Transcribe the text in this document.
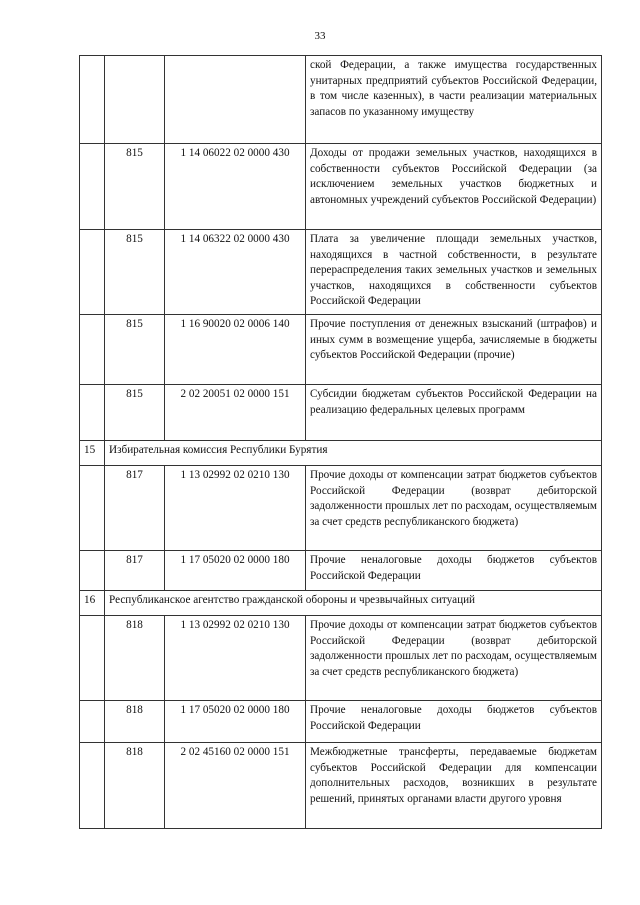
33
			ской Федерации, а также имущества государственных унитарных предприятий субъектов Российской Федерации, в том числе казенных), в части реализации материальных запасов по указанному имуществу
	815	1 14 06022 02 0000 430	Доходы от продажи земельных участков, находящихся в собственности субъектов Российской Федерации (за исключением земельных участков бюджетных и автономных учреждений субъектов Российской Федерации)
	815	1 14 06322 02 0000 430	Плата за увеличение площади земельных участков, находящихся в частной собственности, в результате перераспределения таких земельных участков и земельных участков, находящихся в собственности субъектов Российской Федерации
	815	1 16 90020 02 0006 140	Прочие поступления от денежных взысканий (штрафов) и иных сумм в возмещение ущерба, зачисляемые в бюджеты субъектов Российской Федерации (прочие)
	815	2 02 20051 02 0000 151	Субсидии бюджетам субъектов Российской Федерации на реализацию федеральных целевых программ
15	Избирательная комиссия Республики Бурятия		
	817	1 13 02992 02 0210 130	Прочие доходы от компенсации затрат бюджетов субъектов Российской Федерации (возврат дебиторской задолженности прошлых лет по расходам, осуществляемым за счет средств республиканского бюджета)
	817	1 17 05020 02 0000 180	Прочие неналоговые доходы бюджетов субъектов Российской Федерации
16	Республиканское агентство гражданской обороны и чрезвычайных ситуаций		
	818	1 13 02992 02 0210 130	Прочие доходы от компенсации затрат бюджетов субъектов Российской Федерации (возврат дебиторской задолженности прошлых лет по расходам, осуществляемым за счет средств республиканского бюджета)
	818	1 17 05020 02 0000 180	Прочие неналоговые доходы бюджетов субъектов Российской Федерации
	818	2 02 45160 02 0000 151	Межбюджетные трансферты, передаваемые бюджетам субъектов Российской Федерации для компенсации дополнительных расходов, возникших в результате решений, принятых органами власти другого уровня
